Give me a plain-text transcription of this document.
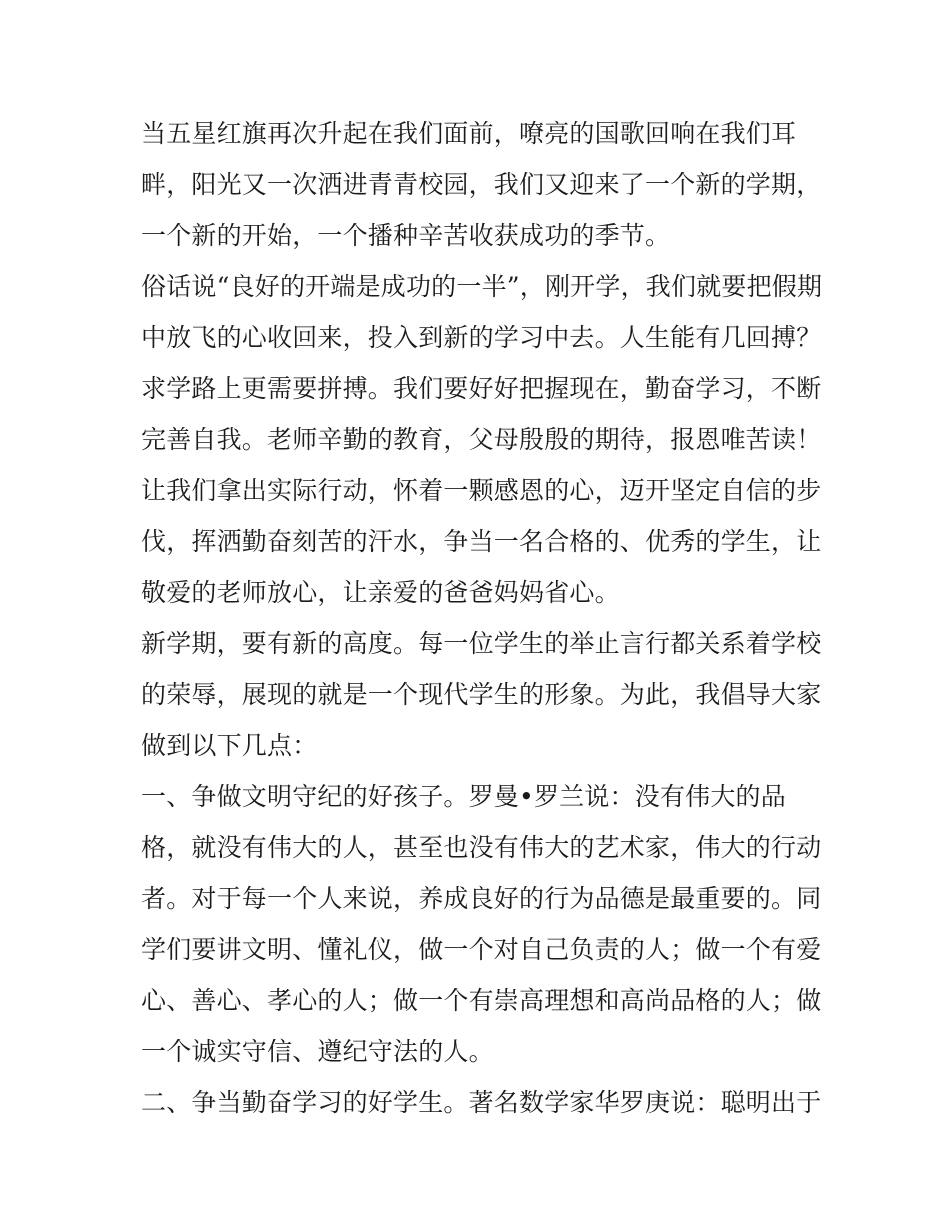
当五星红旗再次升起在我们面前，嘹亮的国歌回响在我们耳
畔，阳光又一次洒进青青校园，我们又迎来了一个新的学期，
一个新的开始，一个播种辛苦收获成功的季节。
俗话说“良好的开端是成功的一半”，刚开学，我们就要把假期
中放飞的心收回来，投入到新的学习中去。人生能有几回搏？
求学路上更需要拼搏。我们要好好把握现在，勤奋学习，不断
完善自我。老师辛勤的教育，父母殷殷的期待，报恩唯苦读！
让我们拿出实际行动，怀着一颗感恩的心，迈开坚定自信的步
伐，挥洒勤奋刻苦的汗水，争当一名合格的、优秀的学生，让
敬爱的老师放心，让亲爱的爸爸妈妈省心。
新学期，要有新的高度。每一位学生的举止言行都关系着学校
的荣辱，展现的就是一个现代学生的形象。为此，我倡导大家
做到以下几点：
一、争做文明守纪的好孩子。罗曼•罗兰说：没有伟大的品
格，就没有伟大的人，甚至也没有伟大的艺术家，伟大的行动
者。对于每一个人来说，养成良好的行为品德是最重要的。同
学们要讲文明、懂礼仪，做一个对自己负责的人；做一个有爱
心、善心、孝心的人；做一个有崇高理想和高尚品格的人；做
一个诚实守信、遵纪守法的人。
二、争当勤奋学习的好学生。著名数学家华罗庚说：聪明出于
